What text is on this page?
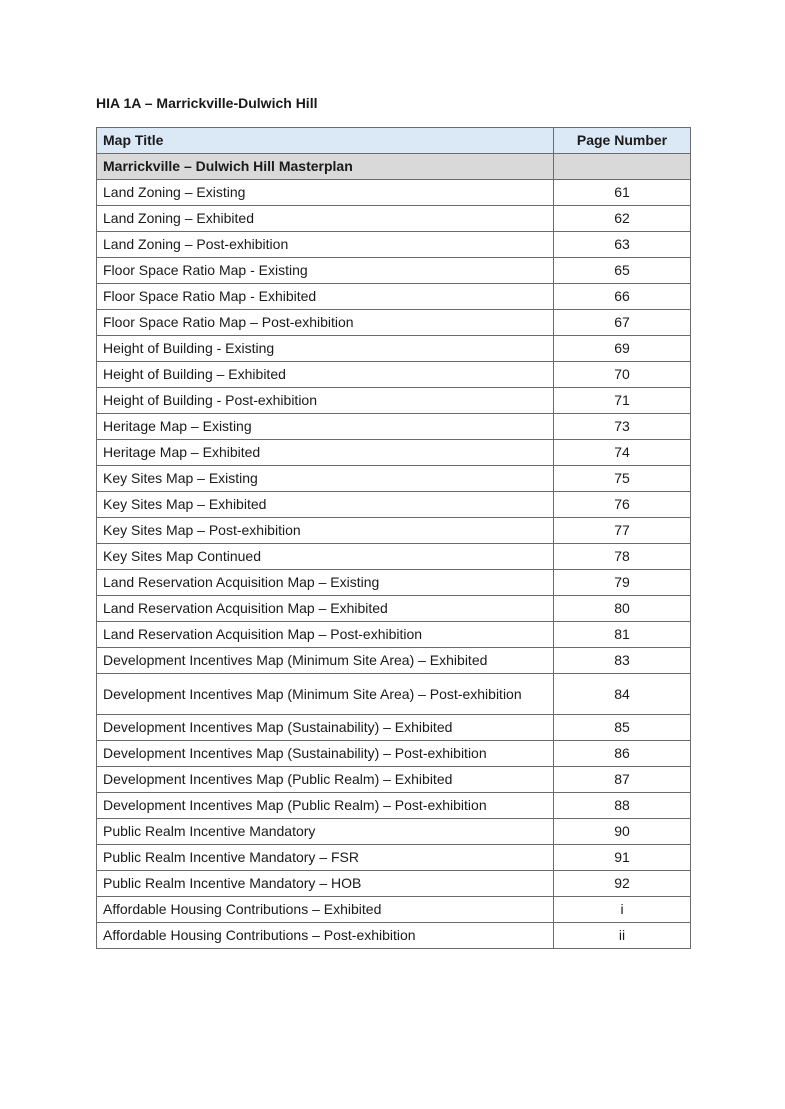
HIA 1A – Marrickville-Dulwich Hill
Map Title	Page Number
Marrickville – Dulwich Hill Masterplan	
Land Zoning – Existing	61
Land Zoning – Exhibited	62
Land Zoning – Post-exhibition	63
Floor Space Ratio Map - Existing	65
Floor Space Ratio Map - Exhibited	66
Floor Space Ratio Map – Post-exhibition	67
Height of Building - Existing	69
Height of Building – Exhibited	70
Height of Building - Post-exhibition	71
Heritage Map – Existing	73
Heritage Map – Exhibited	74
Key Sites Map – Existing	75
Key Sites Map – Exhibited	76
Key Sites Map – Post-exhibition	77
Key Sites Map Continued	78
Land Reservation Acquisition Map – Existing	79
Land Reservation Acquisition Map – Exhibited	80
Land Reservation Acquisition Map – Post-exhibition	81
Development Incentives Map (Minimum Site Area) – Exhibited	83
Development Incentives Map (Minimum Site Area) – Post-exhibition	84
Development Incentives Map (Sustainability) – Exhibited	85
Development Incentives Map (Sustainability) – Post-exhibition	86
Development Incentives Map (Public Realm) – Exhibited	87
Development Incentives Map (Public Realm) – Post-exhibition	88
Public Realm Incentive Mandatory	90
Public Realm Incentive Mandatory – FSR	91
Public Realm Incentive Mandatory – HOB	92
Affordable Housing Contributions – Exhibited	i
Affordable Housing Contributions – Post-exhibition	ii
